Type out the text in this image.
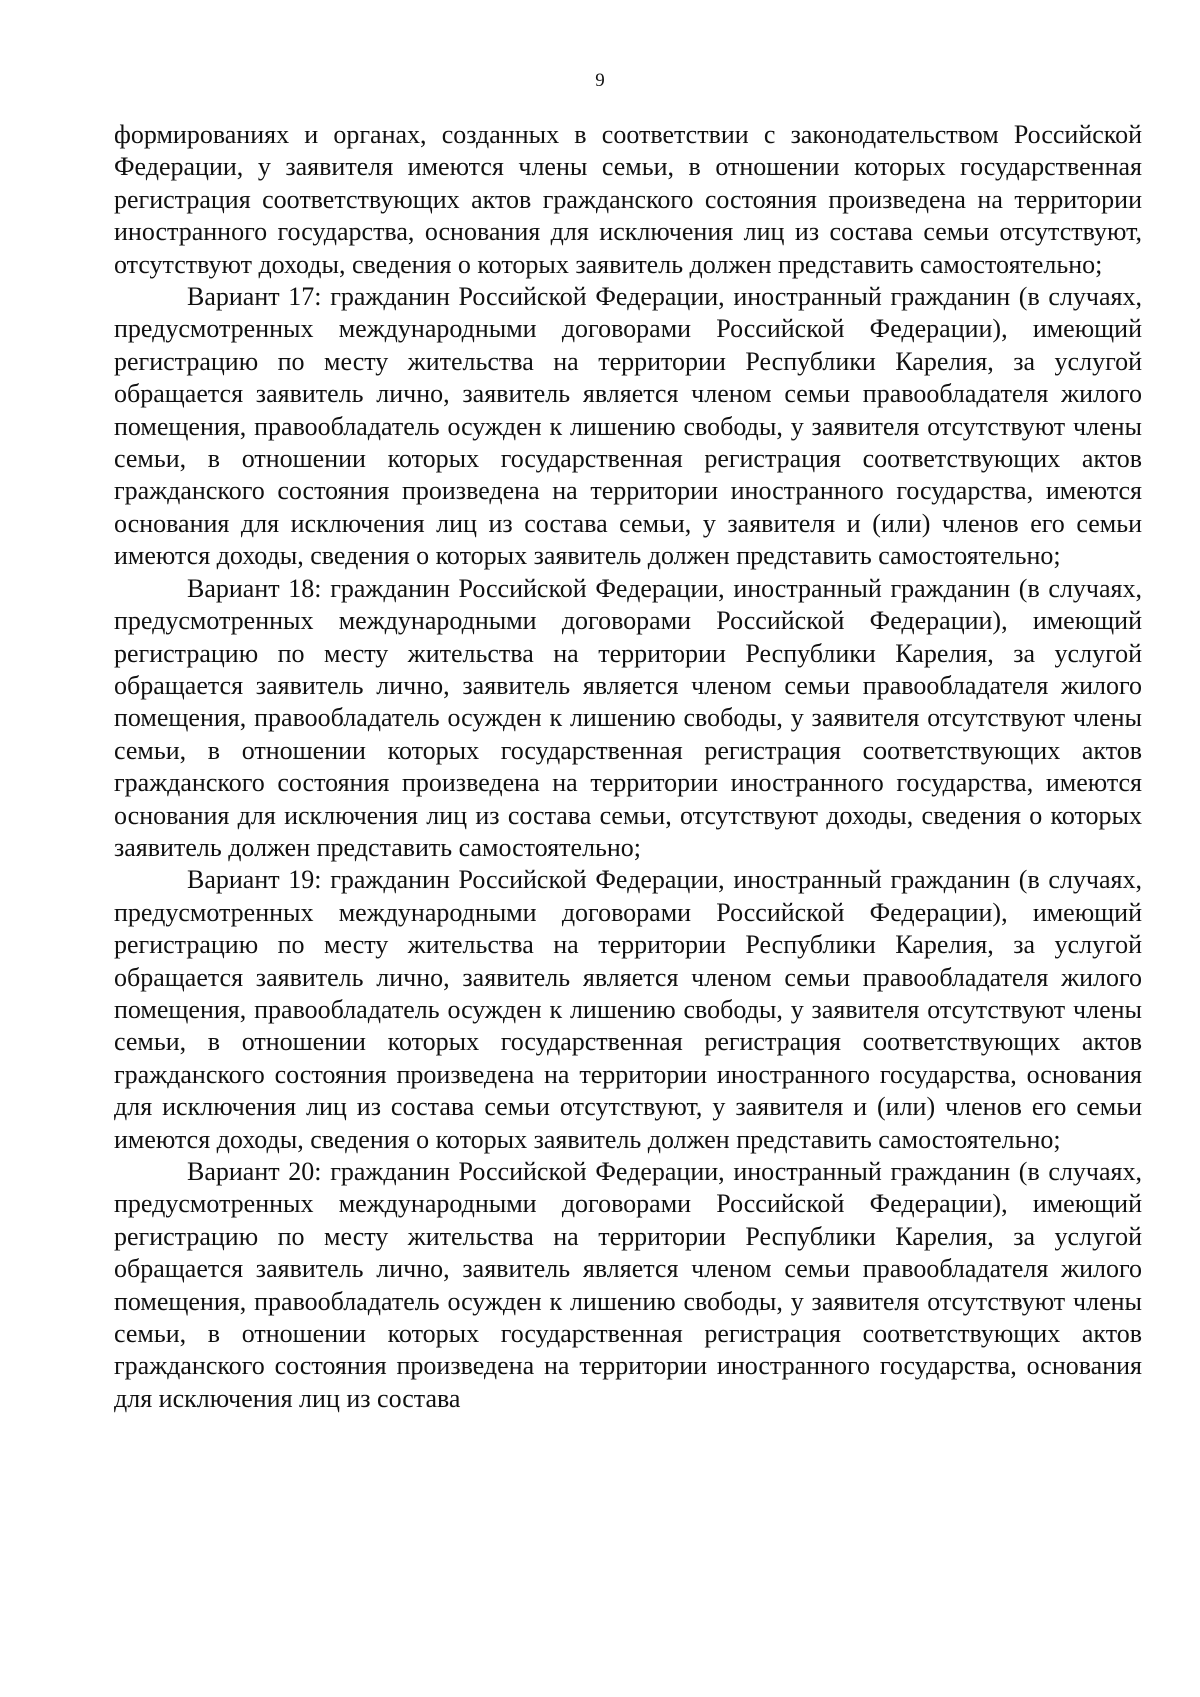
9

формированиях и органах, созданных в соответствии с законодательством Российской Федерации, у заявителя имеются члены семьи, в отношении которых государственная регистрация соответствующих актов гражданского состояния произведена на территории иностранного государства, основания для исключения лиц из состава семьи отсутствуют, отсутствуют доходы, сведения о которых заявитель должен представить самостоятельно;

Вариант 17: гражданин Российской Федерации, иностранный гражданин (в случаях, предусмотренных международными договорами Российской Федерации), имеющий регистрацию по месту жительства на территории Республики Карелия, за услугой обращается заявитель лично, заявитель является членом семьи правообладателя жилого помещения, правообладатель осужден к лишению свободы, у заявителя отсутствуют члены семьи, в отношении которых государственная регистрация соответствующих актов гражданского состояния произведена на территории иностранного государства, имеются основания для исключения лиц из состава семьи, у заявителя и (или) членов его семьи имеются доходы, сведения о которых заявитель должен представить самостоятельно;

Вариант 18: гражданин Российской Федерации, иностранный гражданин (в случаях, предусмотренных международными договорами Российской Федерации), имеющий регистрацию по месту жительства на территории Республики Карелия, за услугой обращается заявитель лично, заявитель является членом семьи правообладателя жилого помещения, правообладатель осужден к лишению свободы, у заявителя отсутствуют члены семьи, в отношении которых государственная регистрация соответствующих актов гражданского состояния произведена на территории иностранного государства, имеются основания для исключения лиц из состава семьи, отсутствуют доходы, сведения о которых заявитель должен представить самостоятельно;

Вариант 19: гражданин Российской Федерации, иностранный гражданин (в случаях, предусмотренных международными договорами Российской Федерации), имеющий регистрацию по месту жительства на территории Республики Карелия, за услугой обращается заявитель лично, заявитель является членом семьи правообладателя жилого помещения, правообладатель осужден к лишению свободы, у заявителя отсутствуют члены семьи, в отношении которых государственная регистрация соответствующих актов гражданского состояния произведена на территории иностранного государства, основания для исключения лиц из состава семьи отсутствуют, у заявителя и (или) членов его семьи имеются доходы, сведения о которых заявитель должен представить самостоятельно;

Вариант 20: гражданин Российской Федерации, иностранный гражданин (в случаях, предусмотренных международными договорами Российской Федерации), имеющий регистрацию по месту жительства на территории Республики Карелия, за услугой обращается заявитель лично, заявитель является членом семьи правообладателя жилого помещения, правообладатель осужден к лишению свободы, у заявителя отсутствуют члены семьи, в отношении которых государственная регистрация соответствующих актов гражданского состояния произведена на территории иностранного государства, основания для исключения лиц из состава
